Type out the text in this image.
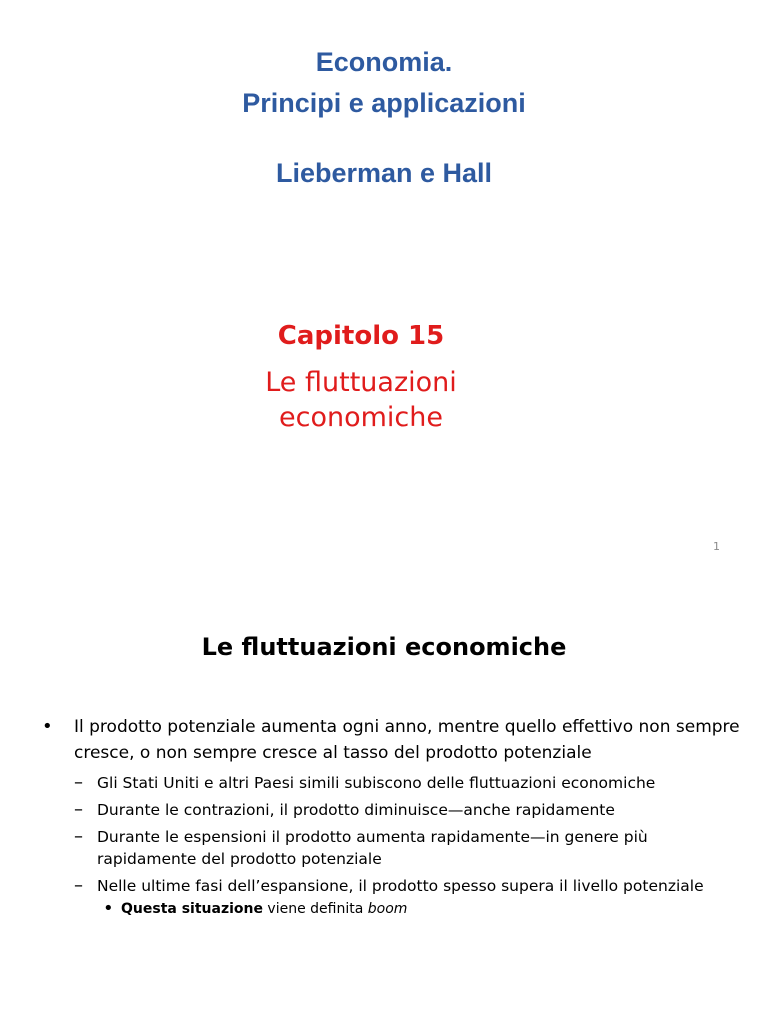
Economia.
Principi e applicazioni
Lieberman e Hall
Capitolo 15
Le fluttuazioni
economiche
1
Le fluttuazioni economiche
• Il prodotto potenziale aumenta ogni anno, mentre quello effettivo non sempre cresce, o non sempre cresce al tasso del prodotto potenziale
– Gli Stati Uniti e altri Paesi simili subiscono delle fluttuazioni economiche
– Durante le contrazioni, il prodotto diminuisce—anche rapidamente
– Durante le espensioni il prodotto aumenta rapidamente—in genere più rapidamente del prodotto potenziale
– Nelle ultime fasi dell’espansione, il prodotto spesso supera il livello potenziale
• Questa situazione viene definita boom
